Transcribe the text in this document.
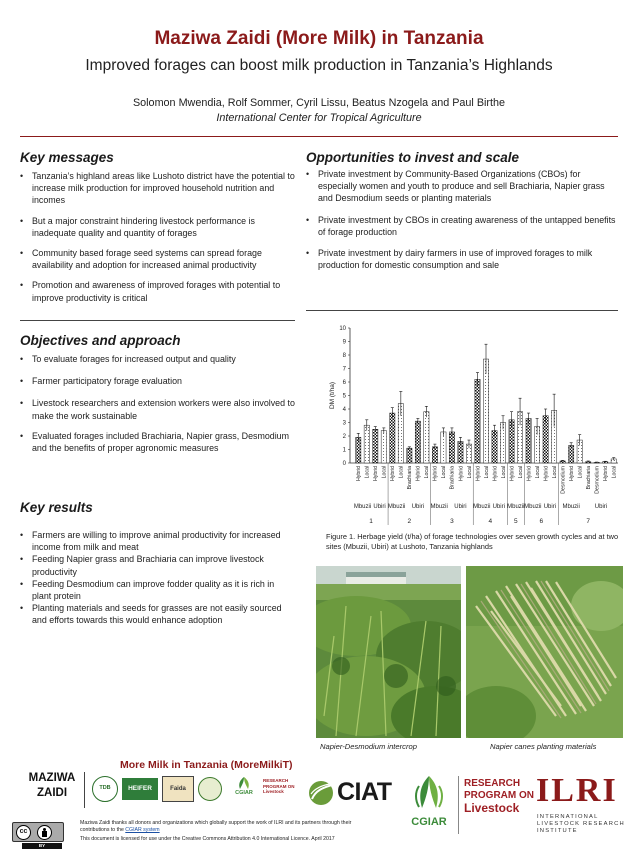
Maziwa Zaidi (More Milk) in Tanzania
Improved forages can boost milk production in Tanzania’s Highlands
Solomon Mwendia, Rolf Sommer, Cyril Lissu, Beatus Nzogela and Paul Birthe
International Center for Tropical Agriculture
Key messages
• Tanzania’s highland areas like Lushoto district have the potential to increase milk production for improved household nutrition and incomes
• But a major constraint hindering livestock performance is inadequate quality and quantity of forages
• Community based forage seed systems can spread forage availability and adoption for increased animal productivity
• Promotion and awareness of improved forages with potential to improve productivity is critical
Objectives and approach
• To evaluate forages for increased output and quality
• Farmer participatory forage evaluation
• Livestock researchers and extension workers were also involved to make the work sustainable
• Evaluated forages included Brachiaria, Napier grass, Desmodium and the benefits of proper agronomic measures
Key results
• Farmers are willing to improve animal productivity for increased income from milk and meat
• Feeding Napier grass and Brachiaria can improve livestock productivity
• Feeding Desmodium can improve fodder quality as it is rich in plant protein
• Planting materials and seeds for grasses are not easily sourced and efforts towards this would enhance adoption
Opportunities to invest and scale
• Private investment by Community-Based Organizations (CBOs) for especially women and youth to produce and sell Brachiaria, Napier grass and Desmodium seeds or planting materials
• Private investment by CBOs in creating awareness of the untapped benefits of forage production
• Private investment by dairy farmers in use of improved forages to milk production for domestic consumption and sale
0
1
2
3
4
5
6
7
8
9
10
DM (t/ha)
Hybrid Local Hybrid Local Hybrid Local Brachiaria Hybrid Local Hybrid Local Brachiaria Hybrid Local Hybrid Local Hybrid Local Hybrid Local Hybrid Local Hybrid Local Desmodium Hybrid Local Brachiaria Desmodium Hybrid Local
Mbuzii Ubiri Mbuzii Ubiri Mbuzii Ubiri Mbuzii Ubiri Mbuzii Mbuzii Ubiri Mbuzii Ubiri
1	2	3	4	5	6	7
Figure 1. Herbage yield (t/ha) of forage technologies over seven growth cycles and at two sites (Mbuzii, Ubiri) at Lushoto, Tanzania highlands
Napier-Desmodium intercrop	Napier canes planting materials
More Milk in Tanzania (MoreMilkiT)
MAZIWA
ZAIDI	TDB	HEIFER	Faida
CGIAR
RESEARCH PROGRAM ON Livestock	CIAT
CGIAR
RESEARCH
PROGRAM ON
Livestock ILRI
INTERNATIONAL
LIVESTOCK RESEARCH
INSTITUTE
cc
BY
Maziwa Zaidi thanks all donors and organizations which globally support the work of ILRI and its partners through their contributions to the CGIAR system
This document is licensed for use under the Creative Commons Attribution 4.0 International Licence. April 2017
